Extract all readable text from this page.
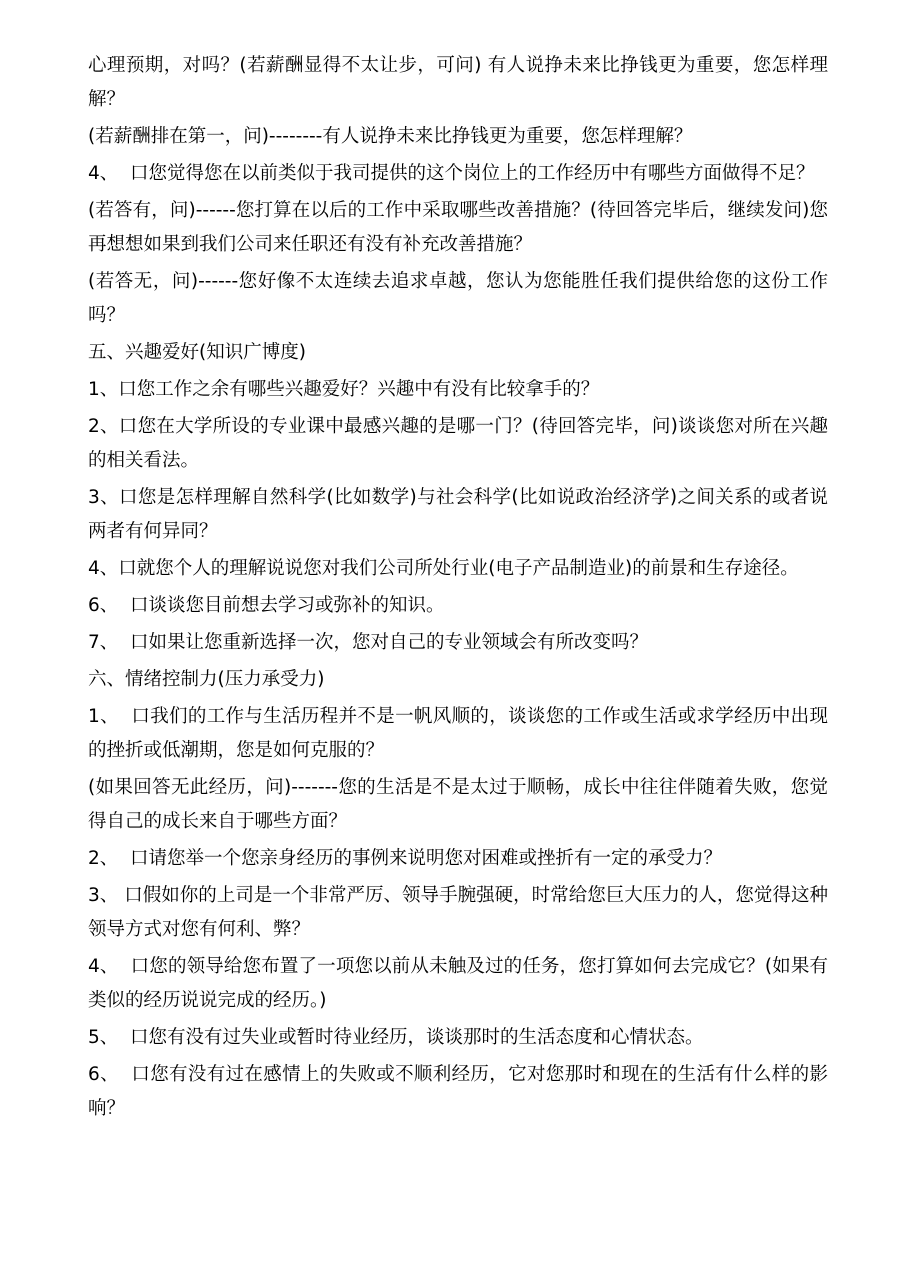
心理预期，对吗？(若薪酬显得不太让步，可问) 有人说挣未来比挣钱更为重要，您怎样理解？

(若薪酬排在第一，问)--------有人说挣未来比挣钱更为重要，您怎样理解？

4、  口您觉得您在以前类似于我司提供的这个岗位上的工作经历中有哪些方面做得不足？

(若答有，问)------您打算在以后的工作中采取哪些改善措施？(待回答完毕后，继续发问)您再想想如果到我们公司来任职还有没有补充改善措施？

(若答无，问)------您好像不太连续去追求卓越，您认为您能胜任我们提供给您的这份工作吗？

五、兴趣爱好(知识广博度)

1、口您工作之余有哪些兴趣爱好？兴趣中有没有比较拿手的？

2、口您在大学所设的专业课中最感兴趣的是哪一门？(待回答完毕，问)谈谈您对所在兴趣的相关看法。

3、口您是怎样理解自然科学(比如数学)与社会科学(比如说政治经济学)之间关系的或者说两者有何异同？

4、口就您个人的理解说说您对我们公司所处行业(电子产品制造业)的前景和生存途径。

6、  口谈谈您目前想去学习或弥补的知识。

7、  口如果让您重新选择一次，您对自己的专业领域会有所改变吗？

六、情绪控制力(压力承受力)

1、  口我们的工作与生活历程并不是一帆风顺的，谈谈您的工作或生活或求学经历中出现的挫折或低潮期，您是如何克服的？

(如果回答无此经历，问)-------您的生活是不是太过于顺畅，成长中往往伴随着失败，您觉得自己的成长来自于哪些方面？

2、  口请您举一个您亲身经历的事例来说明您对困难或挫折有一定的承受力？

3、 口假如你的上司是一个非常严厉、领导手腕强硬，时常给您巨大压力的人，您觉得这种领导方式对您有何利、弊？

4、  口您的领导给您布置了一项您以前从未触及过的任务，您打算如何去完成它？(如果有类似的经历说说完成的经历。)

5、  口您有没有过失业或暂时待业经历，谈谈那时的生活态度和心情状态。

6、  口您有没有过在感情上的失败或不顺利经历，它对您那时和现在的生活有什么样的影响？
